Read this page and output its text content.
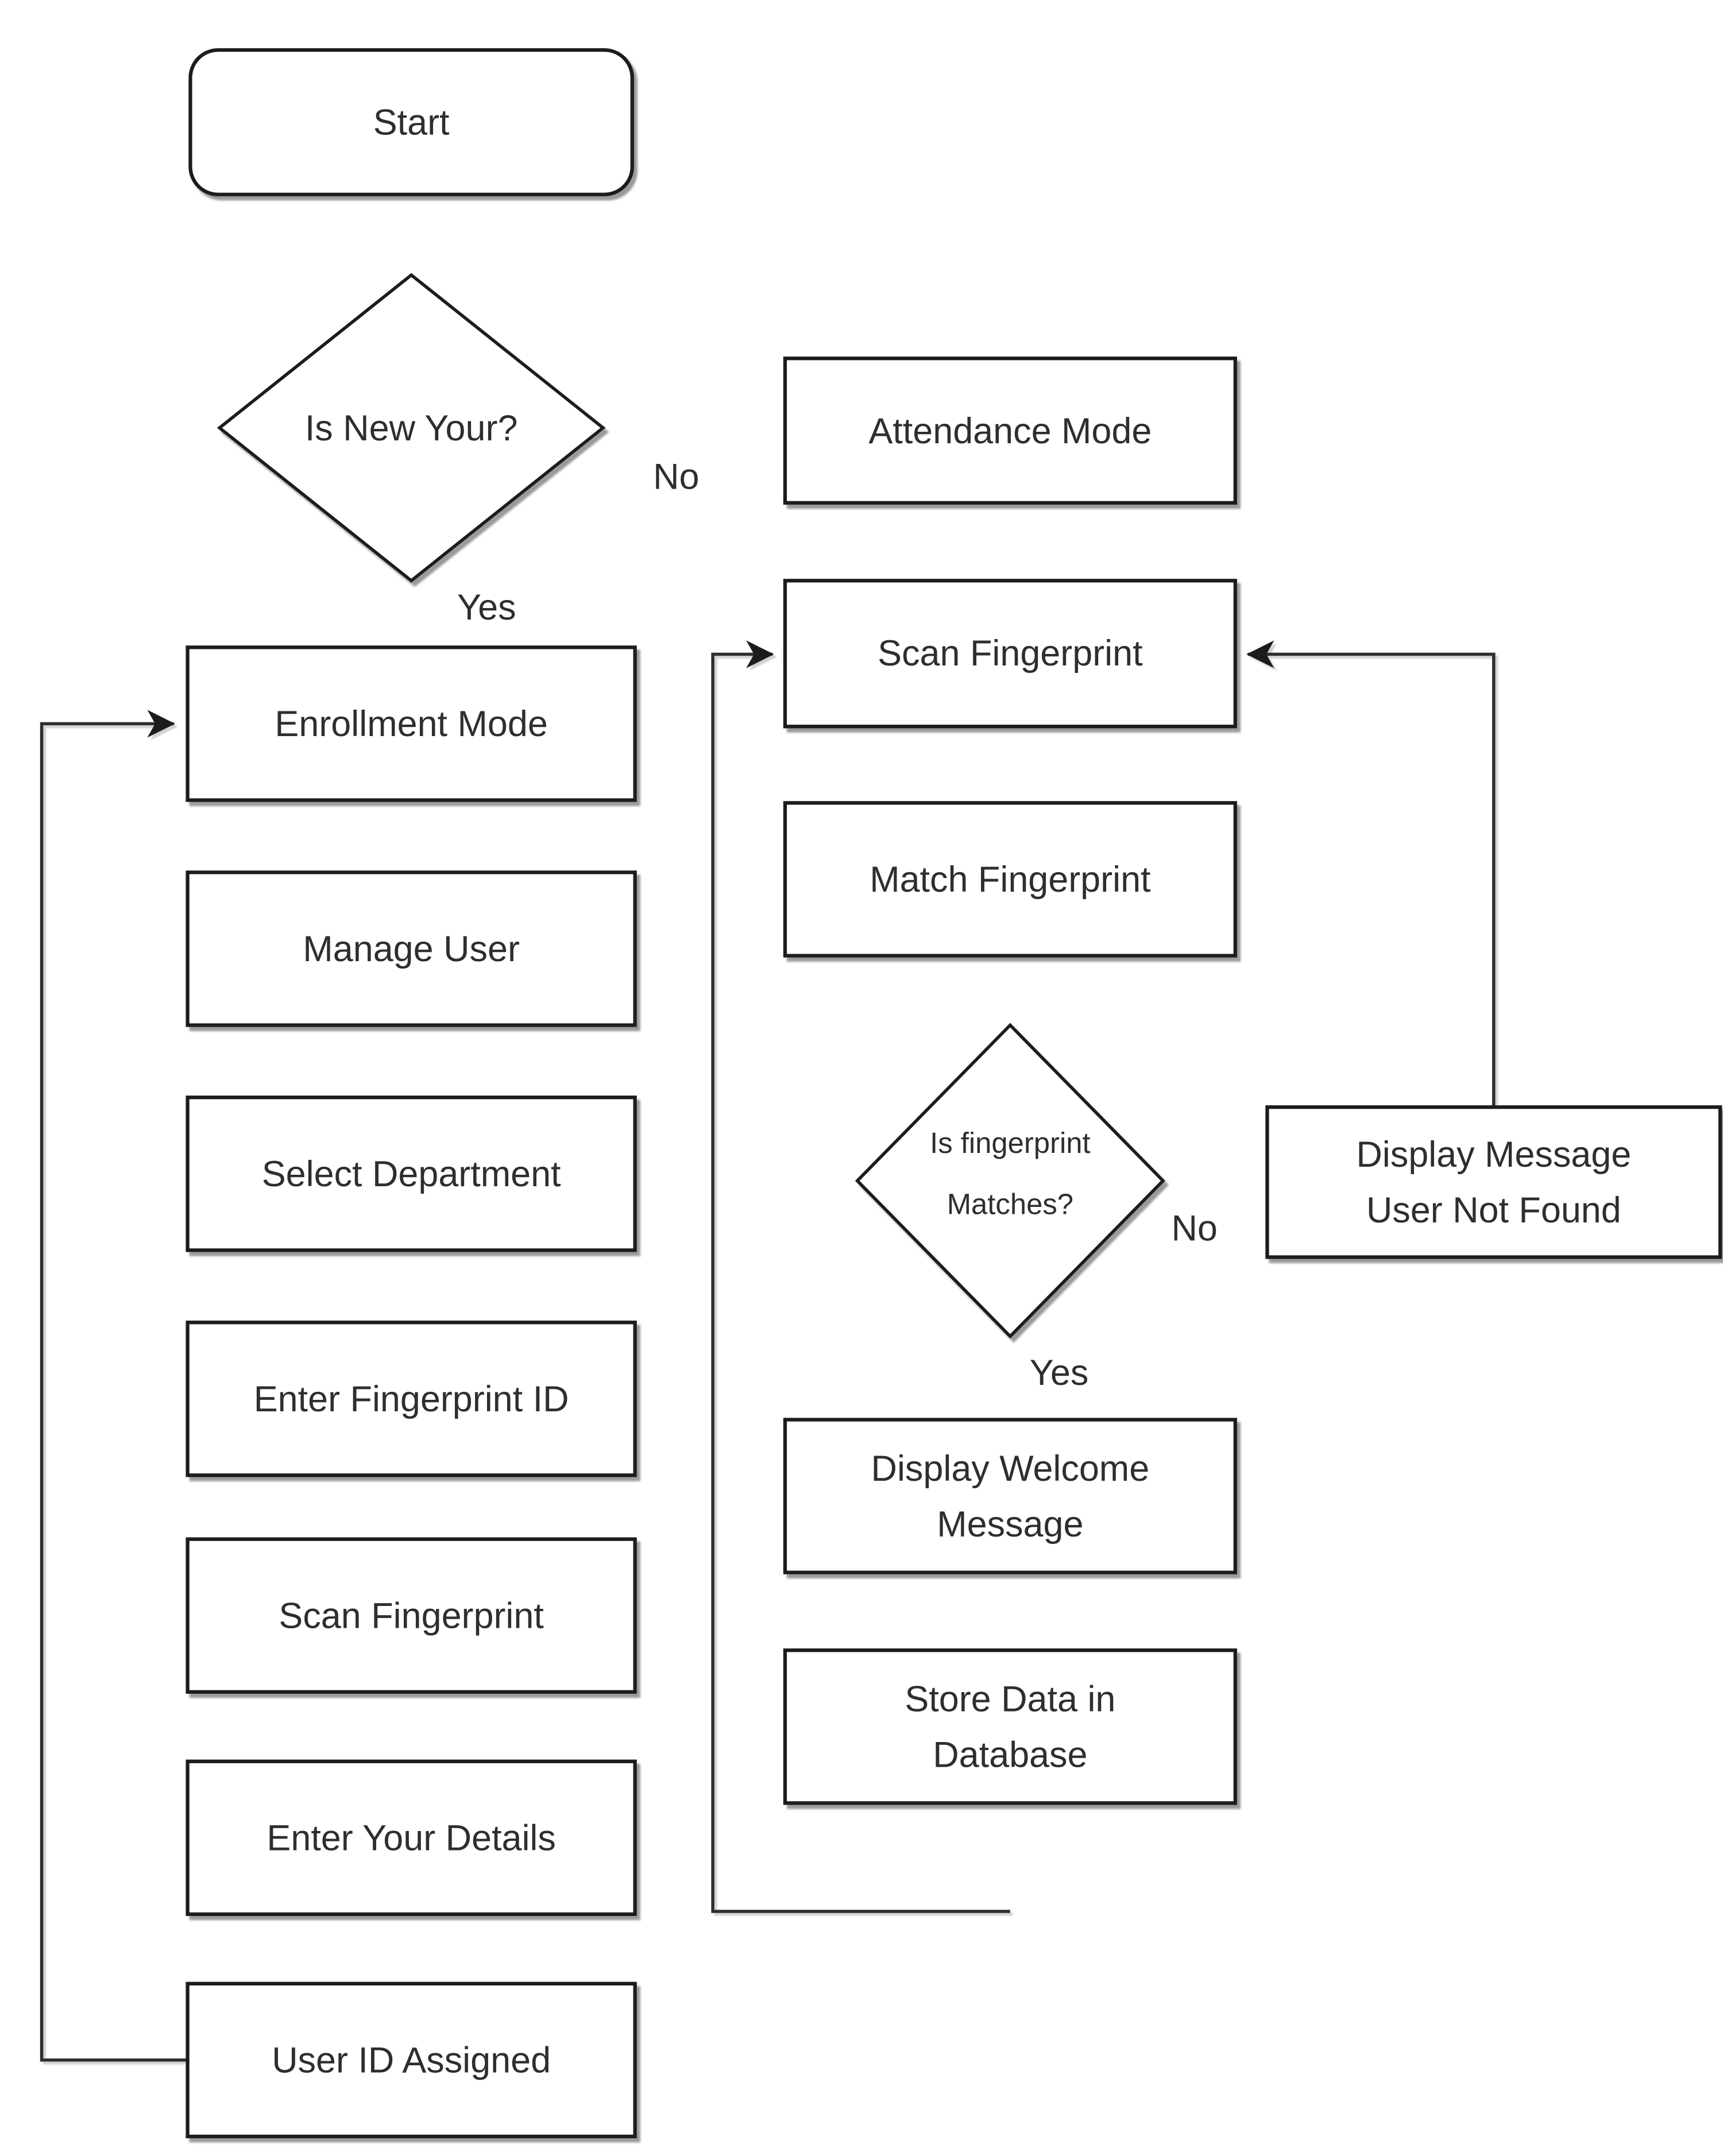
No
Yes
No
Yes
Start
Is New Your?	Attendance Mode
Scan Fingerprint
Match Fingerprint
Is fingerprint
Matches?
Display Message
User Not Found
Display Welcome
Message
Store Data in
Database
Enrollment Mode
Manage User
Select Department
Enter Fingerprint ID
Scan Fingerprint
Enter Your Details
User ID Assigned
